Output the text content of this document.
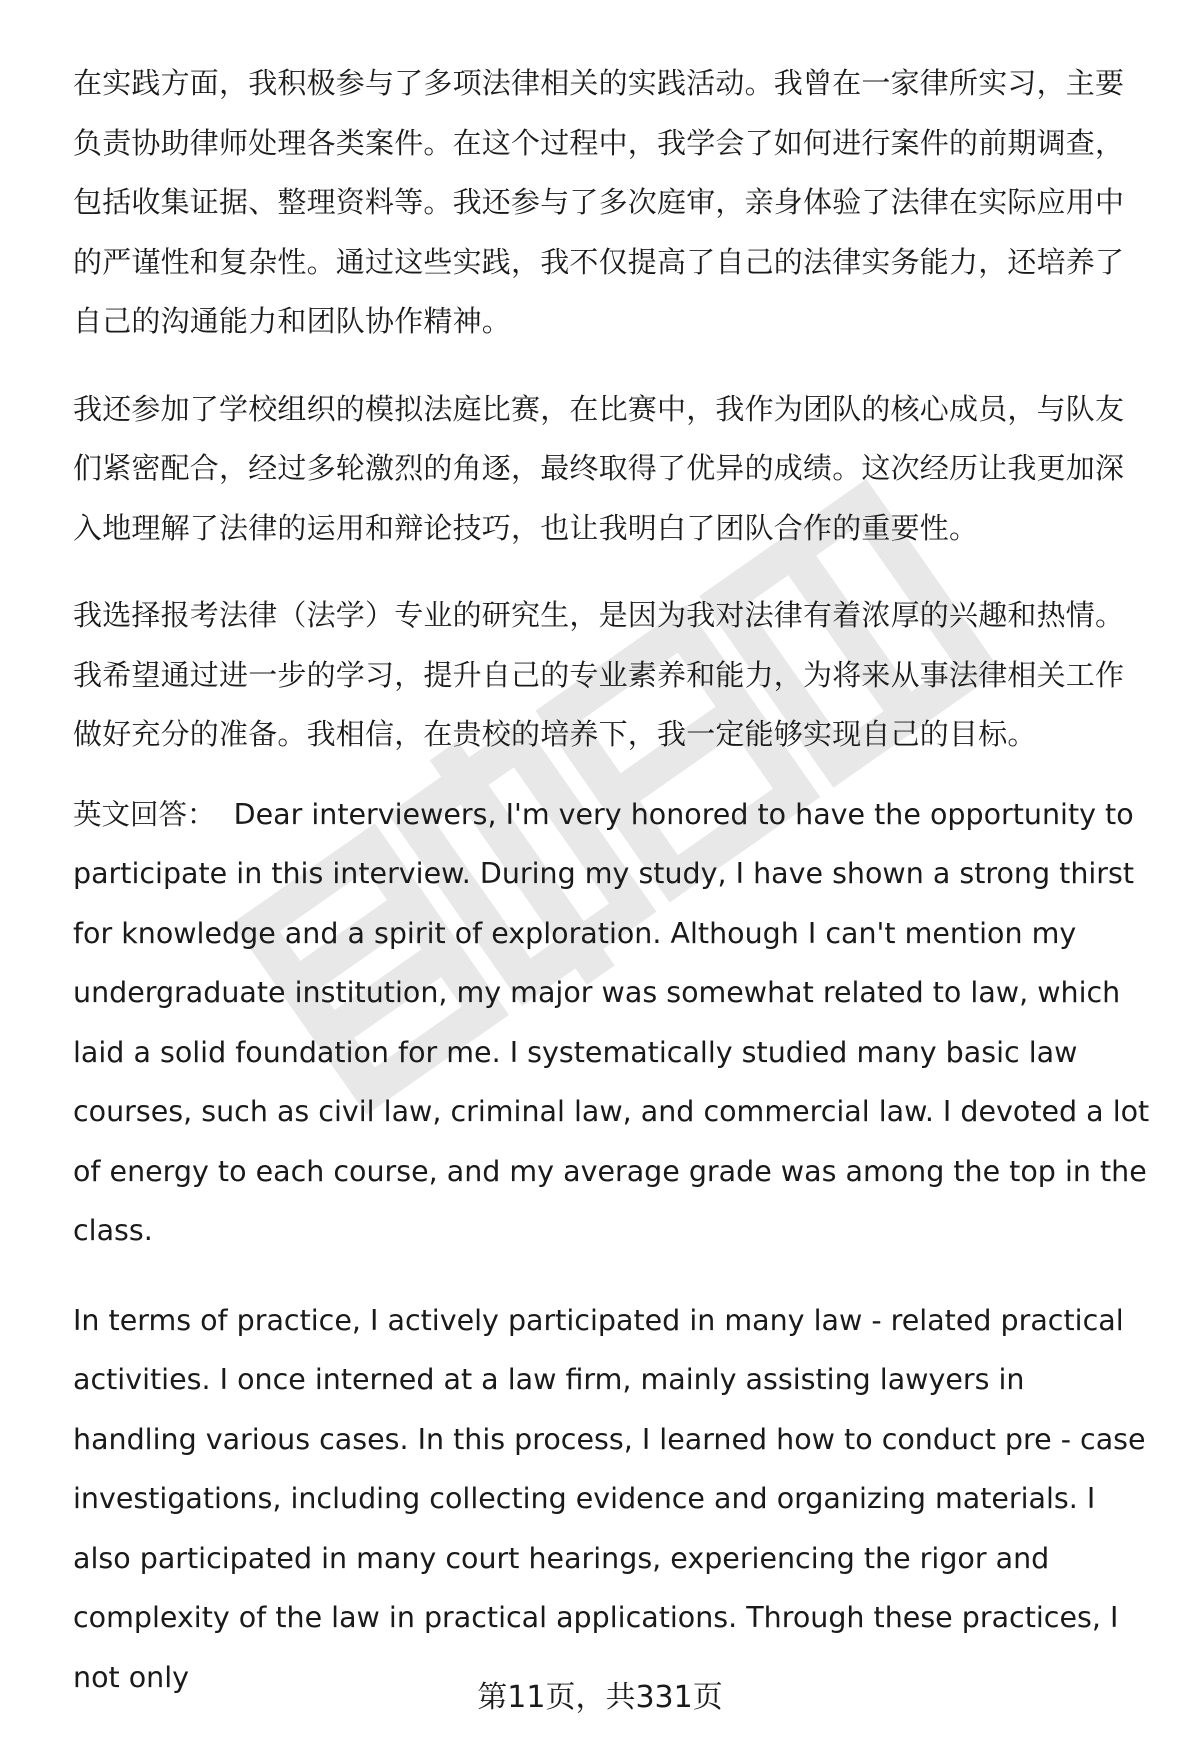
在实践方面，我积极参与了多项法律相关的实践活动。我曾在一家律所实习，主要负责协助律师处理各类案件。在这个过程中，我学会了如何进行案件的前期调查，包括收集证据、整理资料等。我还参与了多次庭审，亲身体验了法律在实际应用中的严谨性和复杂性。通过这些实践，我不仅提高了自己的法律实务能力，还培养了自己的沟通能力和团队协作精神。

我还参加了学校组织的模拟法庭比赛，在比赛中，我作为团队的核心成员，与队友们紧密配合，经过多轮激烈的角逐，最终取得了优异的成绩。这次经历让我更加深入地理解了法律的运用和辩论技巧，也让我明白了团队合作的重要性。

我选择报考法律（法学）专业的研究生，是因为我对法律有着浓厚的兴趣和热情。我希望通过进一步的学习，提升自己的专业素养和能力，为将来从事法律相关工作做好充分的准备。我相信，在贵校的培养下，我一定能够实现自己的目标。

英文回答：  Dear interviewers, I'm very honored to have the opportunity to participate in this interview. During my study, I have shown a strong thirst for knowledge and a spirit of exploration. Although I can't mention my undergraduate institution, my major was somewhat related to law, which laid a solid foundation for me. I systematically studied many basic law courses, such as civil law, criminal law, and commercial law. I devoted a lot of energy to each course, and my average grade was among the top in the class.

In terms of practice, I actively participated in many law - related practical activities. I once interned at a law firm, mainly assisting lawyers in handling various cases. In this process, I learned how to conduct pre - case investigations, including collecting evidence and organizing materials. I also participated in many court hearings, experiencing the rigor and complexity of the law in practical applications. Through these practices, I not only

第11页，共331页
